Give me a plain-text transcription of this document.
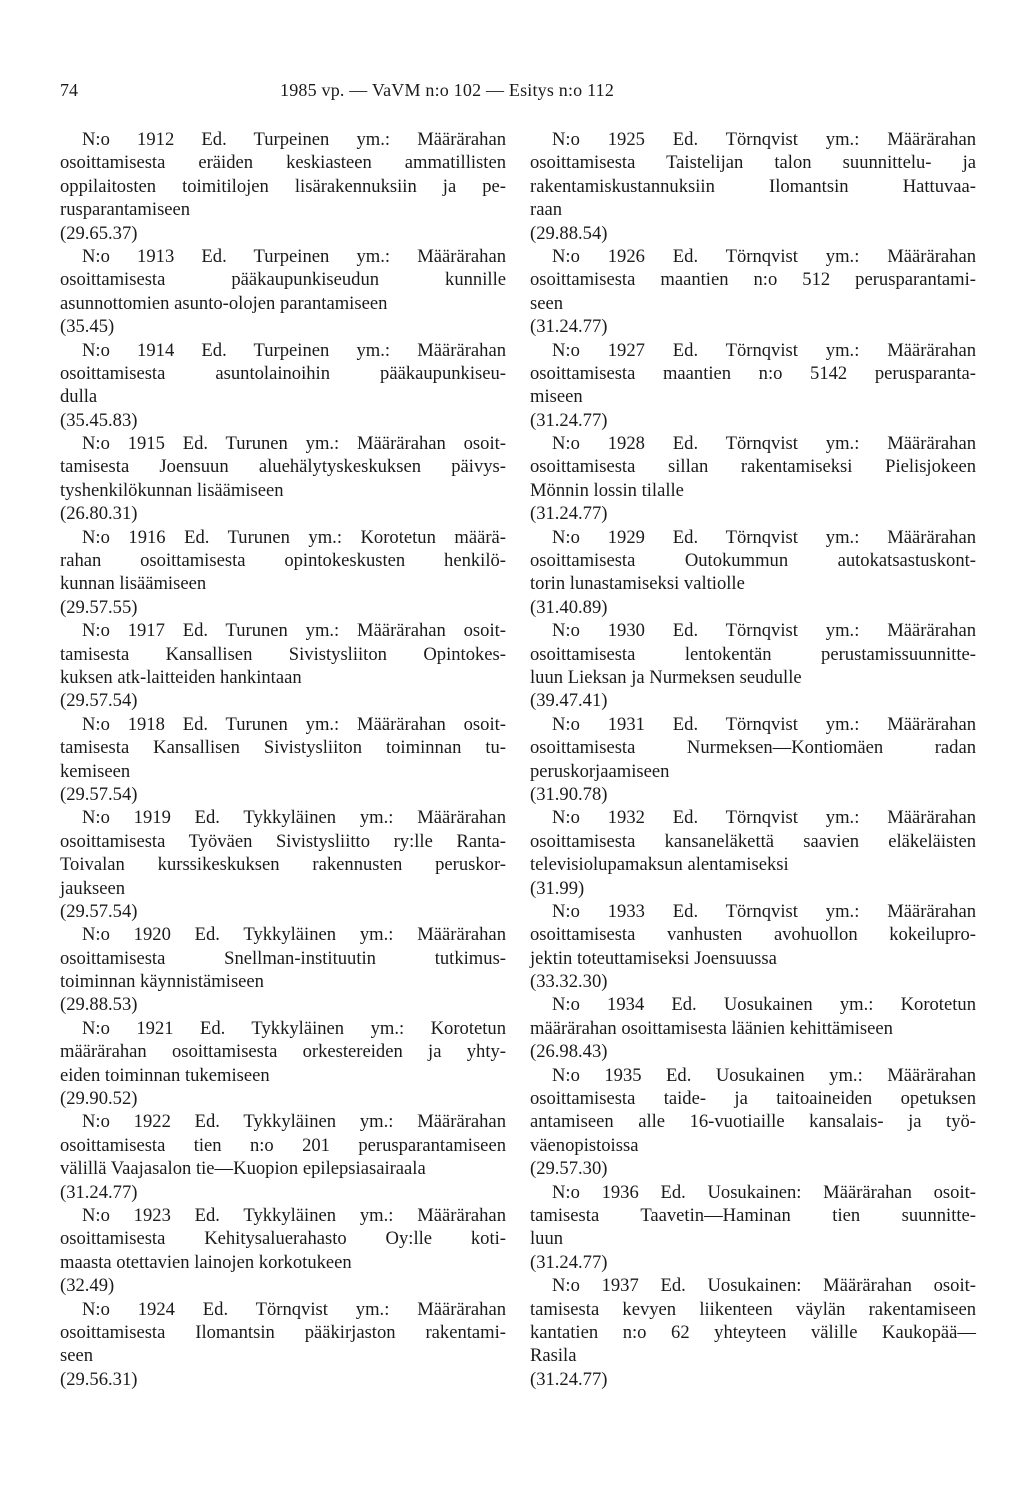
74	1985 vp. — VaVM n:o 102 — Esitys n:o 112
N:o 1912 Ed. Turpeinen ym.: Määrärahan
osoittamisesta eräiden keskiasteen ammatillisten
oppilaitosten toimitilojen lisärakennuksiin ja pe-
rusparantamiseen
(29.65.37)
N:o 1913 Ed. Turpeinen ym.: Määrärahan
osoittamisesta pääkaupunkiseudun kunnille
asunnottomien asunto-olojen parantamiseen
(35.45)
N:o 1914 Ed. Turpeinen ym.: Määrärahan
osoittamisesta asuntolainoihin pääkaupunkiseu-
dulla
(35.45.83)
N:o 1915 Ed. Turunen ym.: Määrärahan osoit-
tamisesta Joensuun aluehälytyskeskuksen päivys-
tyshenkilökunnan lisäämiseen
(26.80.31)
N:o 1916 Ed. Turunen ym.: Korotetun määrä-
rahan osoittamisesta opintokeskusten henkilö-
kunnan lisäämiseen
(29.57.55)
N:o 1917 Ed. Turunen ym.: Määrärahan osoit-
tamisesta Kansallisen Sivistysliiton Opintokes-
kuksen atk-laitteiden hankintaan
(29.57.54)
N:o 1918 Ed. Turunen ym.: Määrärahan osoit-
tamisesta Kansallisen Sivistysliiton toiminnan tu-
kemiseen
(29.57.54)
N:o 1919 Ed. Tykkyläinen ym.: Määrärahan
osoittamisesta Työväen Sivistysliitto ry:lle Ranta-
Toivalan kurssikeskuksen rakennusten peruskor-
jaukseen
(29.57.54)
N:o 1920 Ed. Tykkyläinen ym.: Määrärahan
osoittamisesta Snellman-instituutin tutkimus-
toiminnan käynnistämiseen
(29.88.53)
N:o 1921 Ed. Tykkyläinen ym.: Korotetun
määrärahan osoittamisesta orkestereiden ja yhty-
eiden toiminnan tukemiseen
(29.90.52)
N:o 1922 Ed. Tykkyläinen ym.: Määrärahan
osoittamisesta tien n:o 201 perusparantamiseen
välillä Vaajasalon tie—Kuopion epilepsiasairaala
(31.24.77)
N:o 1923 Ed. Tykkyläinen ym.: Määrärahan
osoittamisesta Kehitysaluerahasto Oy:lle koti-
maasta otettavien lainojen korkotukeen
(32.49)
N:o 1924 Ed. Törnqvist ym.: Määrärahan
osoittamisesta Ilomantsin pääkirjaston rakentami-
seen
(29.56.31)
N:o 1925 Ed. Törnqvist ym.: Määrärahan
osoittamisesta Taistelijan talon suunnittelu- ja
rakentamiskustannuksiin Ilomantsin Hattuvaa-
raan
(29.88.54)
N:o 1926 Ed. Törnqvist ym.: Määrärahan
osoittamisesta maantien n:o 512 perusparantami-
seen
(31.24.77)
N:o 1927 Ed. Törnqvist ym.: Määrärahan
osoittamisesta maantien n:o 5142 perusparanta-
miseen
(31.24.77)
N:o 1928 Ed. Törnqvist ym.: Määrärahan
osoittamisesta sillan rakentamiseksi Pielisjokeen
Mönnin lossin tilalle
(31.24.77)
N:o 1929 Ed. Törnqvist ym.: Määrärahan
osoittamisesta Outokummun autokatsastuskont-
torin lunastamiseksi valtiolle
(31.40.89)
N:o 1930 Ed. Törnqvist ym.: Määrärahan
osoittamisesta lentokentän perustamissuunnitte-
luun Lieksan ja Nurmeksen seudulle
(39.47.41)
N:o 1931 Ed. Törnqvist ym.: Määrärahan
osoittamisesta Nurmeksen—Kontiomäen radan
peruskorjaamiseen
(31.90.78)
N:o 1932 Ed. Törnqvist ym.: Määrärahan
osoittamisesta kansaneläkettä saavien eläkeläisten
televisiolupamaksun alentamiseksi
(31.99)
N:o 1933 Ed. Törnqvist ym.: Määrärahan
osoittamisesta vanhusten avohuollon kokeilupro-
jektin toteuttamiseksi Joensuussa
(33.32.30)
N:o 1934 Ed. Uosukainen ym.: Korotetun
määrärahan osoittamisesta läänien kehittämiseen
(26.98.43)
N:o 1935 Ed. Uosukainen ym.: Määrärahan
osoittamisesta taide- ja taitoaineiden opetuksen
antamiseen alle 16-vuotiaille kansalais- ja työ-
väenopistoissa
(29.57.30)
N:o 1936 Ed. Uosukainen: Määrärahan osoit-
tamisesta Taavetin—Haminan tien suunnitte-
luun
(31.24.77)
N:o 1937 Ed. Uosukainen: Määrärahan osoit-
tamisesta kevyen liikenteen väylän rakentamiseen
kantatien n:o 62 yhteyteen välille Kaukopää—
Rasila
(31.24.77)
